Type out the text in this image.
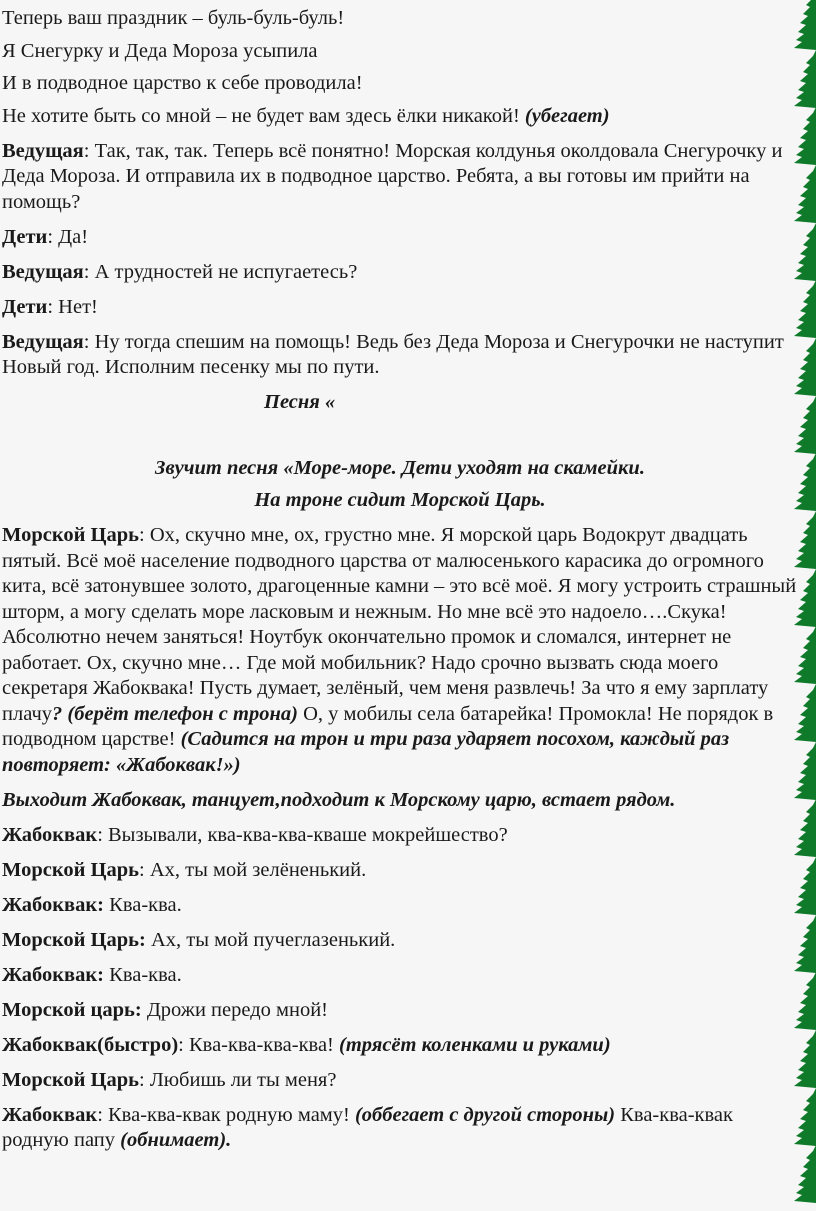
Теперь ваш праздник – буль-буль-буль!

Я Снегурку и Деда Мороза усыпила

И в подводное царство к себе проводила!

Не хотите быть со мной – не будет вам здесь ёлки никакой! (убегает)

Ведущая: Так, так, так. Теперь всё понятно! Морская колдунья околдовала Снегурочку и Деда Мороза. И отправила их в подводное царство. Ребята, а вы готовы им прийти на помощь?

Дети: Да!

Ведущая: А трудностей не испугаетесь?

Дети: Нет!

Ведущая: Ну тогда спешим на помощь! Ведь без Деда Мороза и Снегурочки не наступит Новый год. Исполним песенку мы по пути.

Песня «

Звучит песня «Море-море. Дети уходят на скамейки.

На троне сидит Морской Царь.

Морской Царь: Ох, скучно мне, ох, грустно мне. Я морской царь Водокрут двадцать пятый. Всё моё население подводного царства от малюсенького карасика до огромного кита, всё затонувшее золото, драгоценные камни – это всё моё. Я могу устроить страшный шторм, а могу сделать море ласковым и нежным. Но мне всё это надоело….Скука! Абсолютно нечем заняться! Ноутбук окончательно промок и сломался, интернет не работает. Ох, скучно мне… Где мой мобильник? Надо срочно вызвать сюда моего секретаря Жабоквака! Пусть думает, зелёный, чем меня развлечь! За что я ему зарплату плачу? (берёт телефон с трона) О, у мобилы села батарейка! Промокла! Не порядок в подводном царстве! (Садится на трон и три раза ударяет посохом, каждый раз повторяет: «Жабоквак!»)

Выходит Жабоквак, танцует,подходит к Морскому царю, встает рядом.

Жабоквак: Вызывали, ква-ква-ква-кваше мокрейшество?

Морской Царь: Ах, ты мой зелёненький.

Жабоквак: Ква-ква.

Морской Царь: Ах, ты мой пучеглазенький.

Жабоквак: Ква-ква.

Морской царь: Дрожи передо мной!

Жабоквак(быстро): Ква-ква-ква-ква! (трясёт коленками и руками)

Морской Царь: Любишь ли ты меня?

Жабоквак: Ква-ква-квак родную маму! (оббегает с другой стороны) Ква-ква-квак родную папу (обнимает).
